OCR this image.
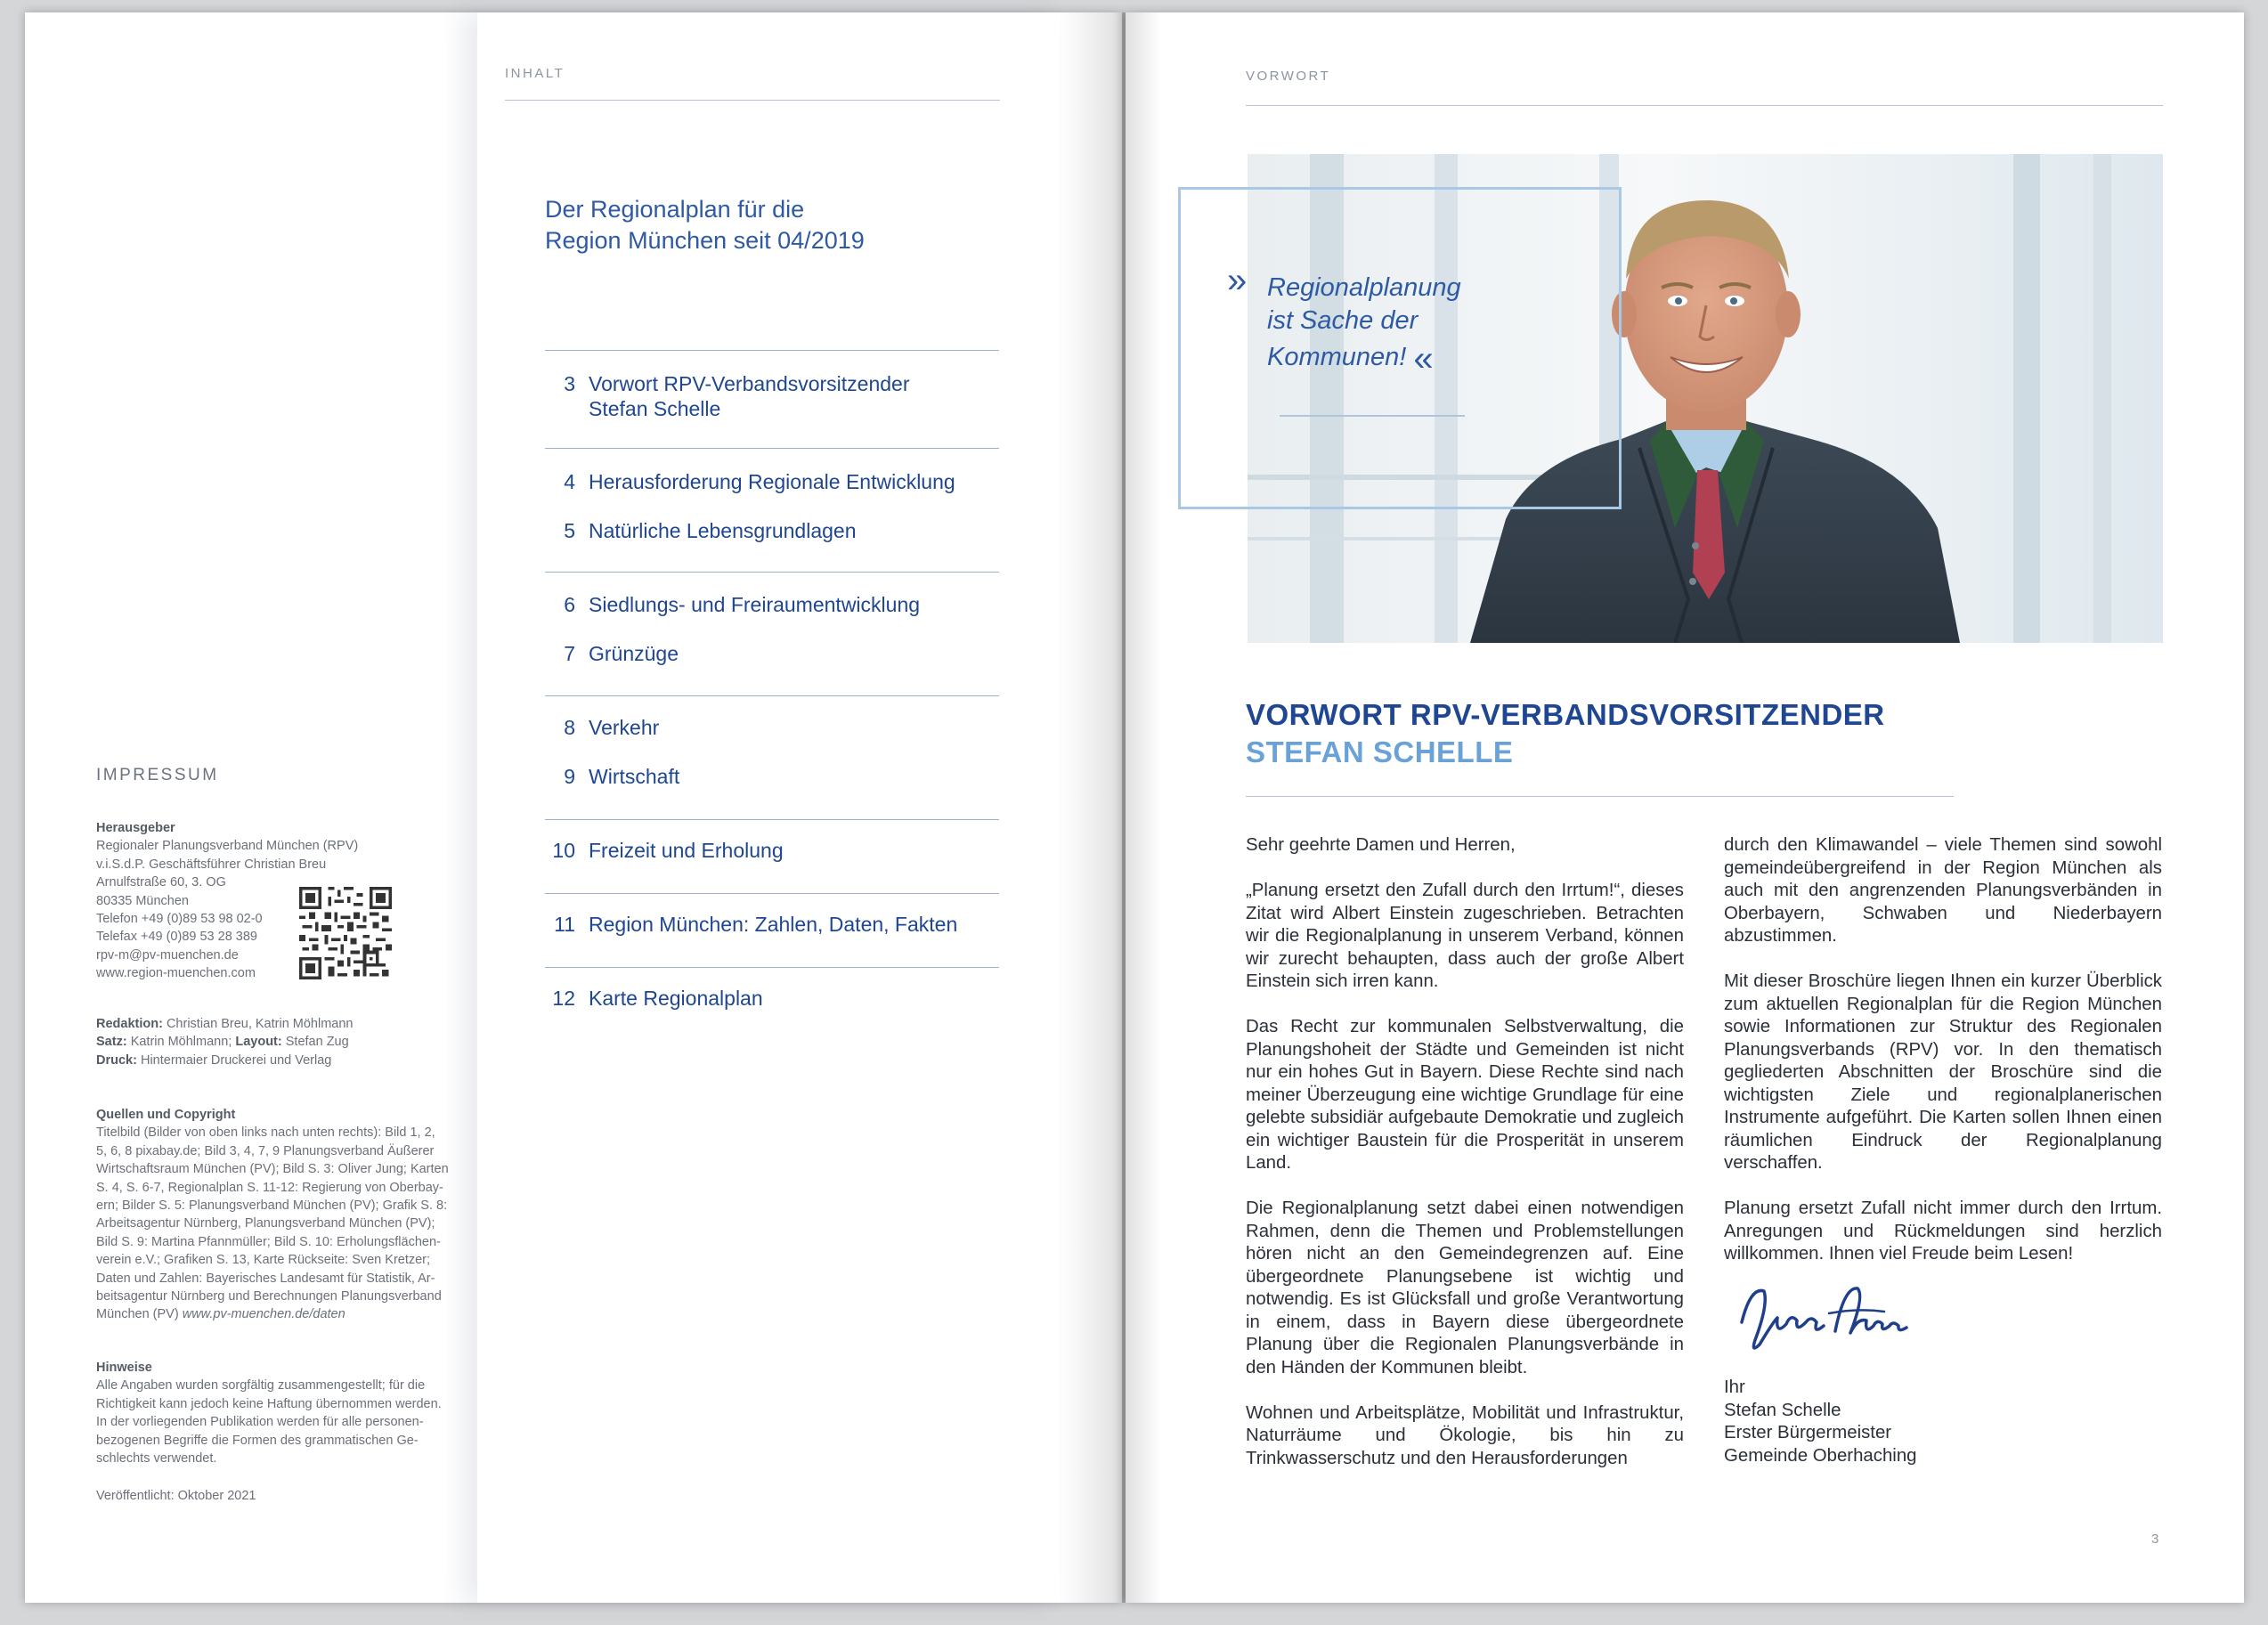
INHALT
Der Regionalplan für die
Region München seit 04/2019
3 Vorwort RPV-Verbandsvorsitzender Stefan Schelle
4 Herausforderung Regionale Entwicklung
5 Natürliche Lebensgrundlagen
6 Siedlungs- und Freiraumentwicklung
7 Grünzüge
8 Verkehr
9 Wirtschaft
10 Freizeit und Erholung
11 Region München: Zahlen, Daten, Fakten
12 Karte Regionalplan
IMPRESSUM
Herausgeber
Regionaler Planungsverband München (RPV)
v.i.S.d.P. Geschäftsführer Christian Breu
Arnulfstraße 60, 3. OG
80335 München
Telefon +49 (0)89 53 98 02-0
Telefax +49 (0)89 53 28 389
rpv-m@pv-muenchen.de
www.region-muenchen.com
Redaktion: Christian Breu, Katrin Möhlmann
Satz: Katrin Möhlmann; Layout: Stefan Zug
Druck: Hintermaier Druckerei und Verlag
Quellen und Copyright
Titelbild (Bilder von oben links nach unten rechts): Bild 1, 2,
5, 6, 8 pixabay.de; Bild 3, 4, 7, 9 Planungsverband Äußerer
Wirtschaftsraum München (PV); Bild S. 3: Oliver Jung; Karten
S. 4, S. 6-7, Regionalplan S. 11-12: Regierung von Oberbay-
ern; Bilder S. 5: Planungsverband München (PV); Grafik S. 8:
Arbeitsagentur Nürnberg, Planungsverband München (PV);
Bild S. 9: Martina Pfannmüller; Bild S. 10: Erholungsflächen-
verein e.V.; Grafiken S. 13, Karte Rückseite: Sven Kretzer;
Daten und Zahlen: Bayerisches Landesamt für Statistik, Ar-
beitsagentur Nürnberg und Berechnungen Planungsverband
München (PV) www.pv-muenchen.de/daten
Hinweise
Alle Angaben wurden sorgfältig zusammengestellt; für die
Richtigkeit kann jedoch keine Haftung übernommen werden.
In der vorliegenden Publikation werden für alle personen-
bezogenen Begriffe die Formen des grammatischen Ge-
schlechts verwendet.
Veröffentlicht: Oktober 2021
VORWORT
» Regionalplanung
ist Sache der
Kommunen! «
VORWORT RPV-VERBANDSVORSITZENDER
STEFAN SCHELLE

Sehr geehrte Damen und Herren,

„Planung ersetzt den Zufall durch den Irrtum!“, dieses Zitat wird Albert Einstein zugeschrieben. Betrachten wir die Regionalplanung in unserem Verband, können wir zurecht behaupten, dass auch der große Albert Einstein sich irren kann.

Das Recht zur kommunalen Selbstverwaltung, die Planungshoheit der Städte und Gemeinden ist nicht nur ein hohes Gut in Bayern. Diese Rechte sind nach meiner Überzeugung eine wichtige Grundlage für eine gelebte subsidiär aufgebaute Demokratie und zugleich ein wichtiger Baustein für die Prosperität in unserem Land.

Die Regionalplanung setzt dabei einen notwendigen Rahmen, denn die Themen und Problemstellungen hören nicht an den Gemeindegrenzen auf. Eine übergeordnete Planungsebene ist wichtig und notwendig. Es ist Glücksfall und große Verantwortung in einem, dass in Bayern diese übergeordnete Planung über die Regionalen Planungsverbände in den Händen der Kommunen bleibt.

Wohnen und Arbeitsplätze, Mobilität und Infrastruktur, Naturräume und Ökologie, bis hin zu Trinkwasserschutz und den Herausforderungen

durch den Klimawandel – viele Themen sind sowohl gemeindeübergreifend in der Region München als auch mit den angrenzenden Planungsverbänden in Oberbayern, Schwaben und Niederbayern abzustimmen.

Mit dieser Broschüre liegen Ihnen ein kurzer Überblick zum aktuellen Regionalplan für die Region München sowie Informationen zur Struktur des Regionalen Planungsverbands (RPV) vor. In den thematisch gegliederten Abschnitten der Broschüre sind die wichtigsten Ziele und regionalplanerischen Instrumente aufgeführt. Die Karten sollen Ihnen einen räumlichen Eindruck der Regionalplanung verschaffen.

Planung ersetzt Zufall nicht immer durch den Irrtum. Anregungen und Rückmeldungen sind herzlich willkommen. Ihnen viel Freude beim Lesen!

Ihr
Stefan Schelle
Erster Bürgermeister
Gemeinde Oberhaching
3
